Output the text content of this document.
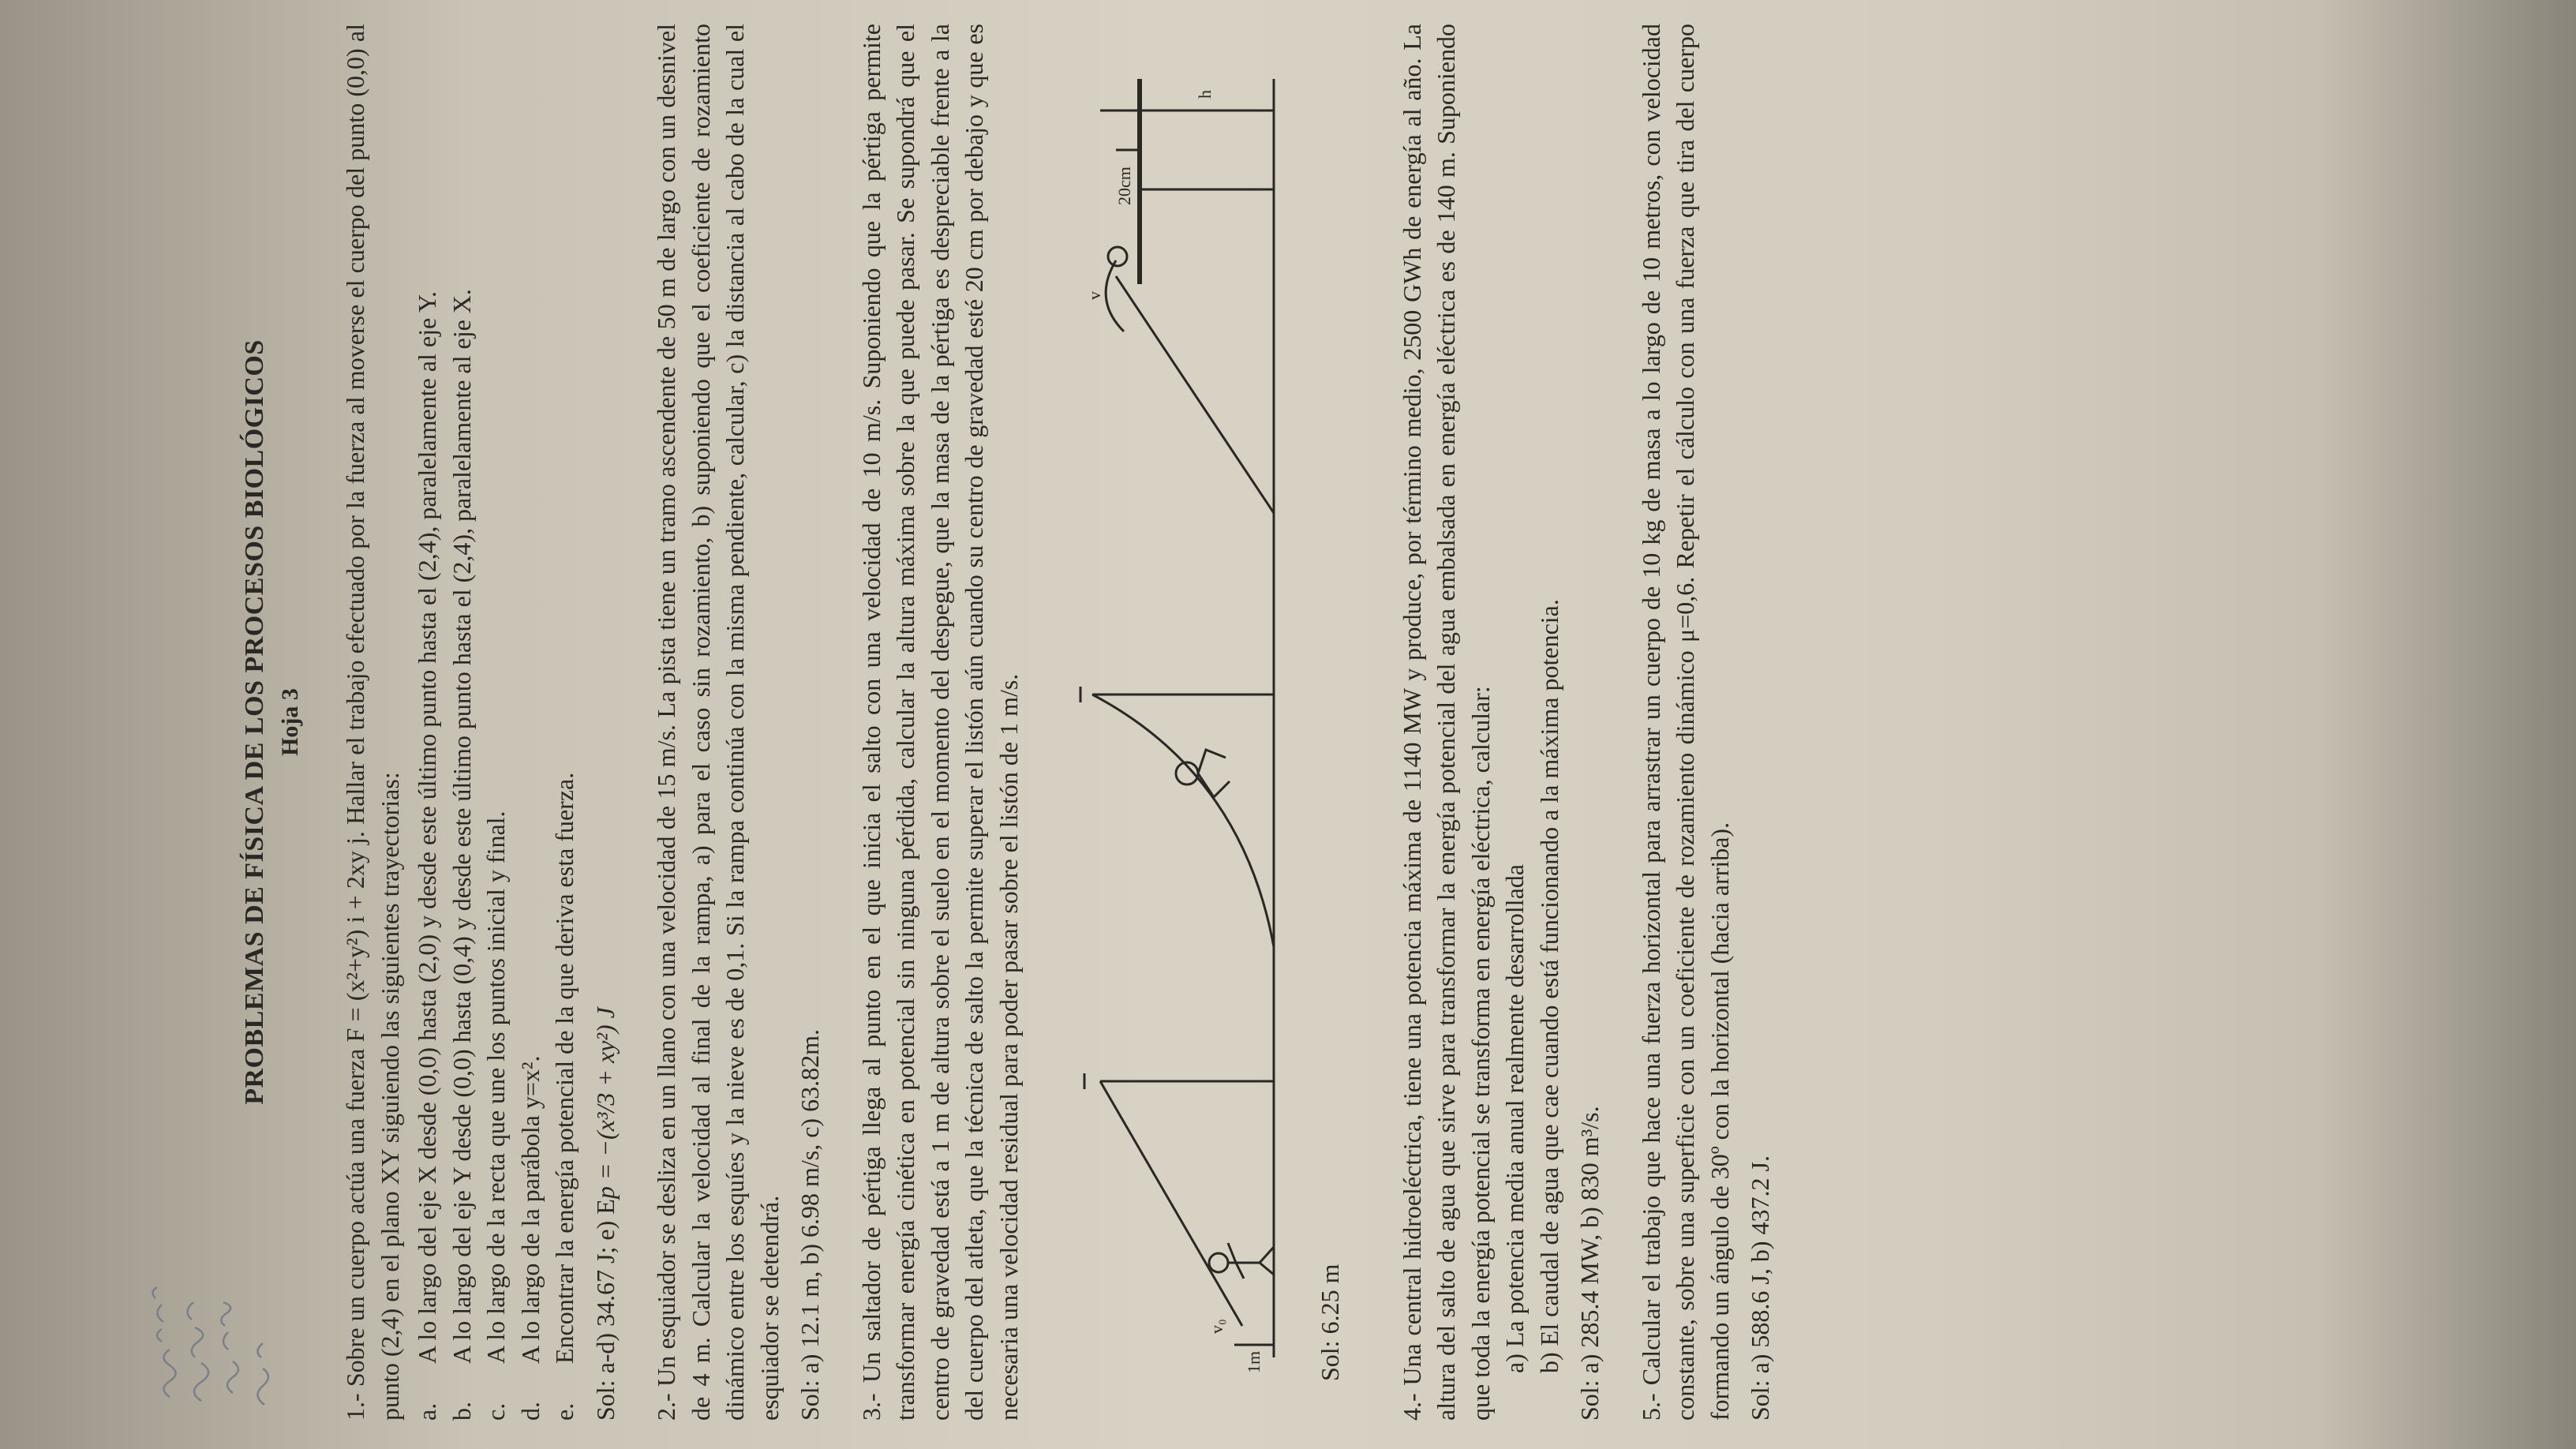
PROBLEMAS DE FÍSICA DE LOS PROCESOS BIOLÓGICOS Hoja 3
1.- Sobre un cuerpo actúa una fuerza F = (x²+y²) i + 2xy j. Hallar el trabajo efectuado por la fuerza al moverse el cuerpo del punto (0,0) al punto (2,4) en el plano XY siguiendo las siguientes trayectorias: a.
A lo largo del eje X desde (0,0) hasta (2,0) y desde este último punto hasta el (2,4), paralelamente al eje Y.
b.
A lo largo del eje Y desde (0,0) hasta (0,4) y desde este último punto hasta el (2,4), paralelamente al eje X.
c.
A lo largo de la recta que une los puntos inicial y final.
d.
A lo largo de la parábola y=x².
e.
Encontrar la energía potencial de la que deriva esta fuerza. Sol: a-d) 34.67 J; e) Ep = −(x³/3 + xy²) J
2.- Un esquiador se desliza en un llano con una velocidad de 15 m/s. La pista tiene un tramo ascendente de 50 m de largo con un desnivel de 4 m. Calcular la velocidad al final de la rampa, a) para el caso sin rozamiento, b) suponiendo que el coeficiente de rozamiento dinámico entre los esquíes y la nieve es de 0,1. Si la rampa continúa con la misma pendiente, calcular, c) la distancia al cabo de la cual el esquiador se detendrá. Sol: a) 12.1 m, b) 6.98 m/s, c) 63.82m. 3.- Un saltador de pértiga llega al punto en el que inicia el salto con una velocidad de 10 m/s. Suponiendo que la pértiga permite transformar energía cinética en potencial sin ninguna pérdida, calcular la altura máxima sobre la que puede pasar. Se supondrá que el centro de gravedad está a 1 m de altura sobre el suelo en el momento del despegue, que la masa de la pértiga es despreciable frente a la del cuerpo del atleta, que la técnica de salto la permite superar el listón aún cuando su centro de gravedad esté 20 cm por debajo y que es necesaria una velocidad residual para poder pasar sobre el listón de 1 m/s.	v₀
1m
v
h
20cm
Sol: 6.25 m
4.- Una central hidroeléctrica, tiene una potencia máxima de 1140 MW y produce, por término medio, 2500 GWh de energía al año. La altura del salto de agua que sirve para transformar la energía potencial del agua embalsada en energía eléctrica es de 140 m. Suponiendo que toda la energía potencial se transforma en energía eléctrica, calcular: a) La potencia media anual realmente desarrollada b) El caudal de agua que cae cuando está funcionando a la máxima potencia. Sol: a) 285.4 MW, b) 830 m³/s. 5.- Calcular el trabajo que hace una fuerza horizontal para arrastrar un cuerpo de 10 kg de masa a lo largo de 10 metros, con velocidad constante, sobre una superficie con un coeficiente de rozamiento dinámico μ=0,6. Repetir el cálculo con una fuerza que tira del cuerpo formando un ángulo de 30º con la horizontal (hacia arriba). Sol: a) 588.6 J, b) 437.2 J.
